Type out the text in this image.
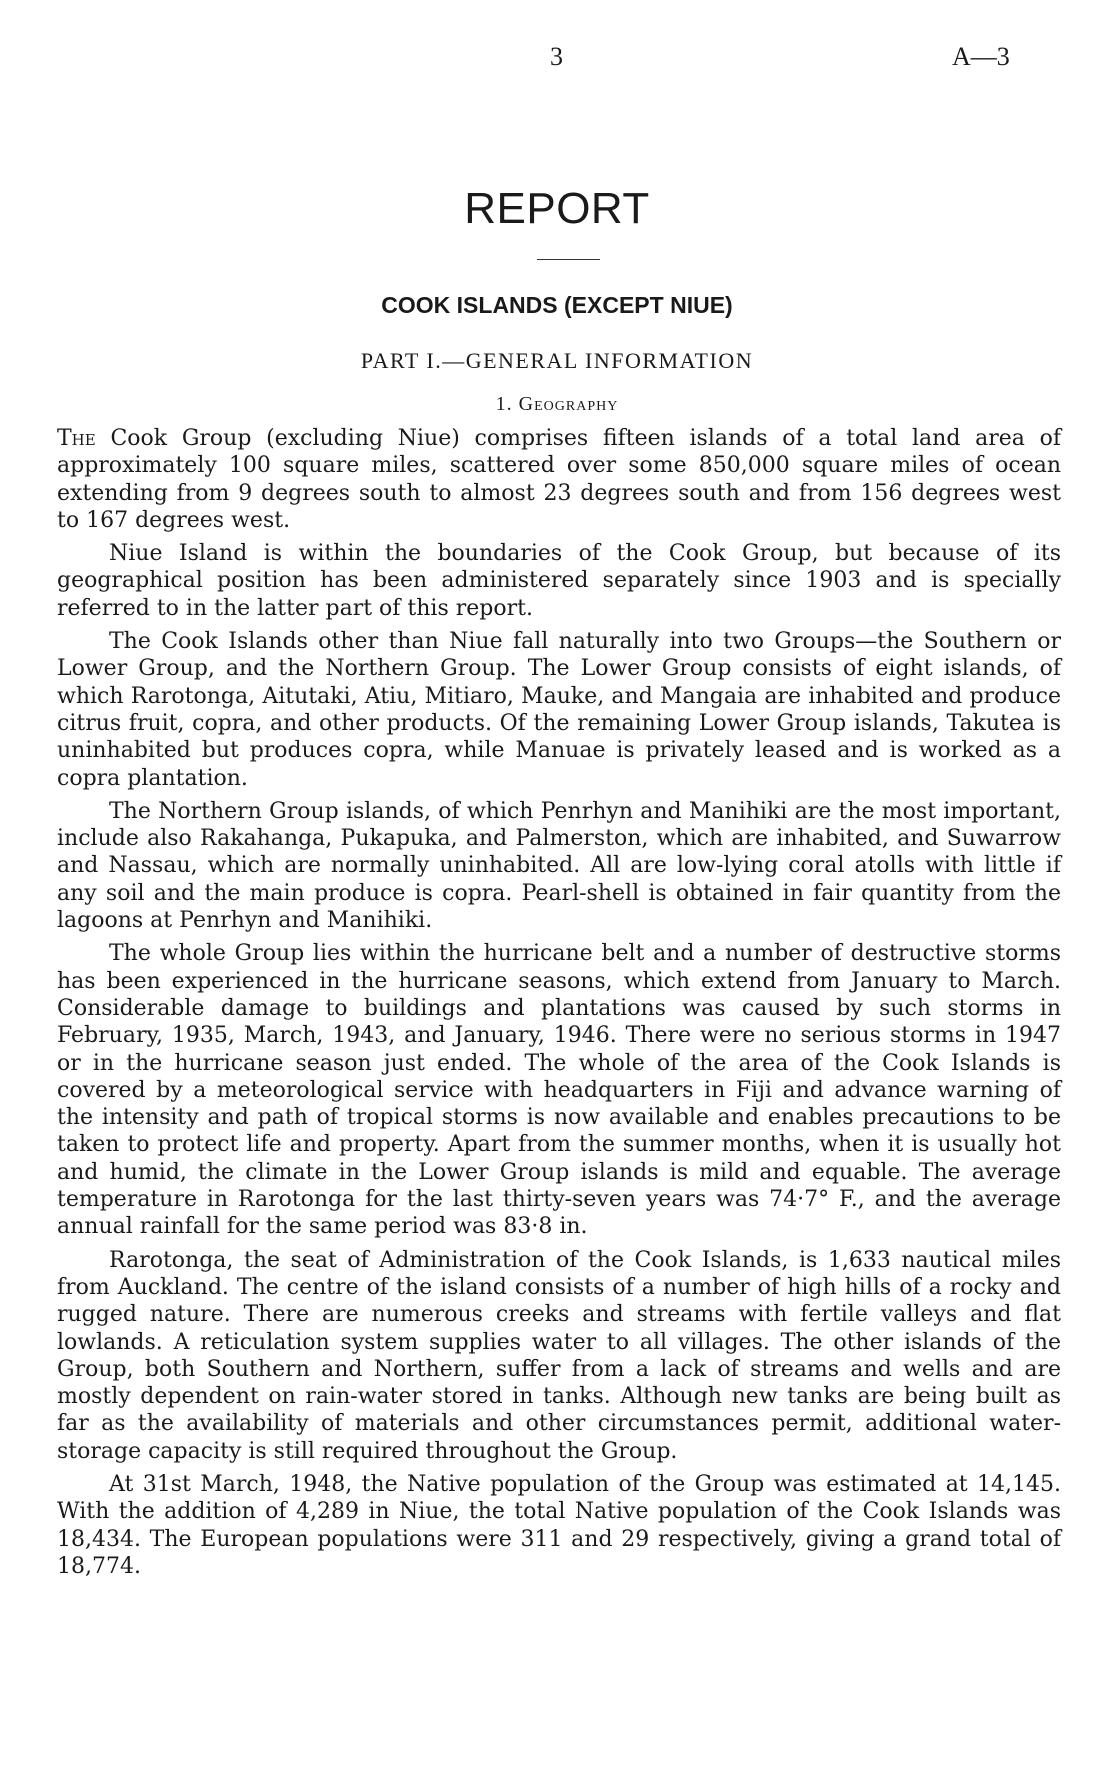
3	A—3
REPORT
COOK ISLANDS (EXCEPT NIUE)
PART I.—GENERAL INFORMATION
1. Geography

The Cook Group (excluding Niue) comprises fifteen islands of a total land area of approximately 100 square miles, scattered over some 850,000 square miles of ocean extending from 9 degrees south to almost 23 degrees south and from 156 degrees west to 167 degrees west.

Niue Island is within the boundaries of the Cook Group, but because of its geographical position has been administered separately since 1903 and is specially referred to in the latter part of this report.

The Cook Islands other than Niue fall naturally into two Groups—the Southern or Lower Group, and the Northern Group. The Lower Group consists of eight islands, of which Rarotonga, Aitutaki, Atiu, Mitiaro, Mauke, and Mangaia are inhabited and produce citrus fruit, copra, and other products. Of the remaining Lower Group islands, Takutea is uninhabited but produces copra, while Manuae is privately leased and is worked as a copra plantation.

The Northern Group islands, of which Penrhyn and Manihiki are the most important, include also Rakahanga, Pukapuka, and Palmerston, which are inhabited, and Suwarrow and Nassau, which are normally uninhabited. All are low-lying coral atolls with little if any soil and the main produce is copra. Pearl-shell is obtained in fair quantity from the lagoons at Penrhyn and Manihiki.

The whole Group lies within the hurricane belt and a number of destructive storms has been experienced in the hurricane seasons, which extend from January to March. Considerable damage to buildings and plantations was caused by such storms in February, 1935, March, 1943, and January, 1946. There were no serious storms in 1947 or in the hurricane season just ended. The whole of the area of the Cook Islands is covered by a meteorological service with headquarters in Fiji and advance warning of the intensity and path of tropical storms is now available and enables precautions to be taken to protect life and property. Apart from the summer months, when it is usually hot and humid, the climate in the Lower Group islands is mild and equable. The average temperature in Rarotonga for the last thirty-seven years was 74·7° F., and the average annual rainfall for the same period was 83·8 in.

Rarotonga, the seat of Administration of the Cook Islands, is 1,633 nautical miles from Auckland. The centre of the island consists of a number of high hills of a rocky and rugged nature. There are numerous creeks and streams with fertile valleys and flat lowlands. A reticulation system supplies water to all villages. The other islands of the Group, both Southern and Northern, suffer from a lack of streams and wells and are mostly dependent on rain-water stored in tanks. Although new tanks are being built as far as the availability of materials and other circumstances permit, additional water-storage capacity is still required throughout the Group.

At 31st March, 1948, the Native population of the Group was estimated at 14,145. With the addition of 4,289 in Niue, the total Native population of the Cook Islands was 18,434. The European populations were 311 and 29 respectively, giving a grand total of 18,774.
